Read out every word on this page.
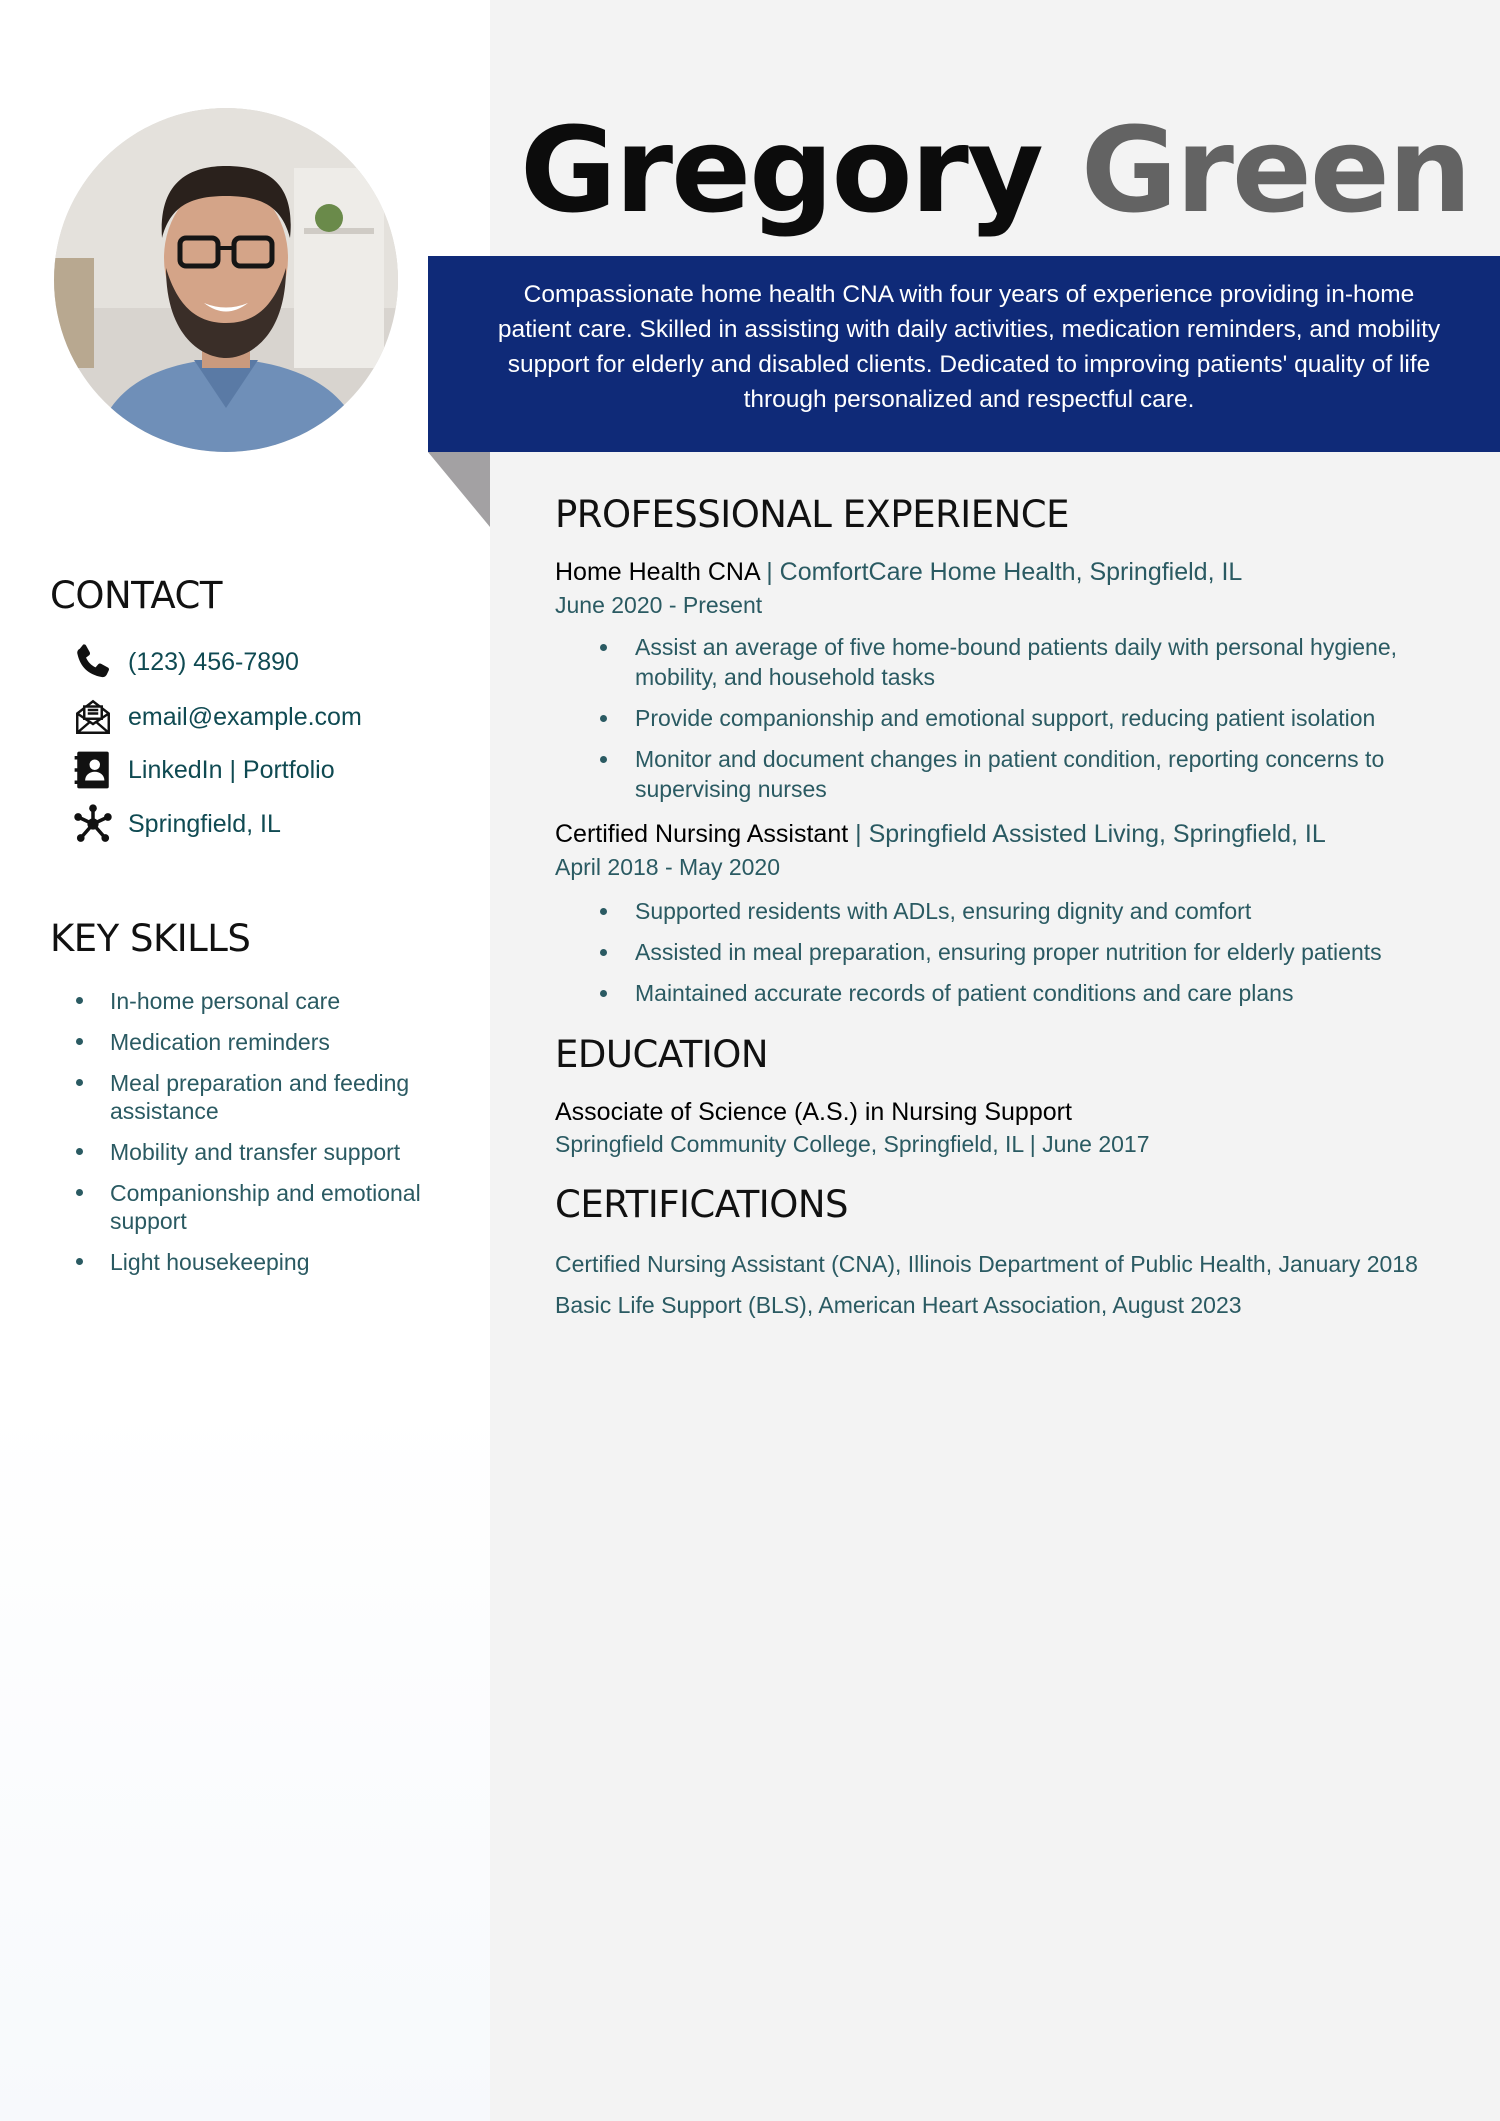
Gregory Green

Compassionate home health CNA with four years of experience providing in-home patient care. Skilled in assisting with daily activities, medication reminders, and mobility support for elderly and disabled clients. Dedicated to improving patients' quality of life through personalized and respectful care.

CONTACT
(123) 456-7890
email@example.com
LinkedIn | Portfolio
Springfield, IL
KEY SKILLS
In-home personal care
Medication reminders
Meal preparation and feeding assistance
Mobility and transfer support
Companionship and emotional support
Light housekeeping
PROFESSIONAL EXPERIENCE
Home Health CNA | ComfortCare Home Health, Springfield, IL
June 2020 - Present
Assist an average of five home-bound patients daily with personal hygiene, mobility, and household tasks
Provide companionship and emotional support, reducing patient isolation
Monitor and document changes in patient condition, reporting concerns to supervising nurses
Certified Nursing Assistant | Springfield Assisted Living, Springfield, IL
April 2018 - May 2020
Supported residents with ADLs, ensuring dignity and comfort
Assisted in meal preparation, ensuring proper nutrition for elderly patients
Maintained accurate records of patient conditions and care plans
EDUCATION
Associate of Science (A.S.) in Nursing Support
Springfield Community College, Springfield, IL | June 2017
CERTIFICATIONS
Certified Nursing Assistant (CNA), Illinois Department of Public Health, January 2018
Basic Life Support (BLS), American Heart Association, August 2023
